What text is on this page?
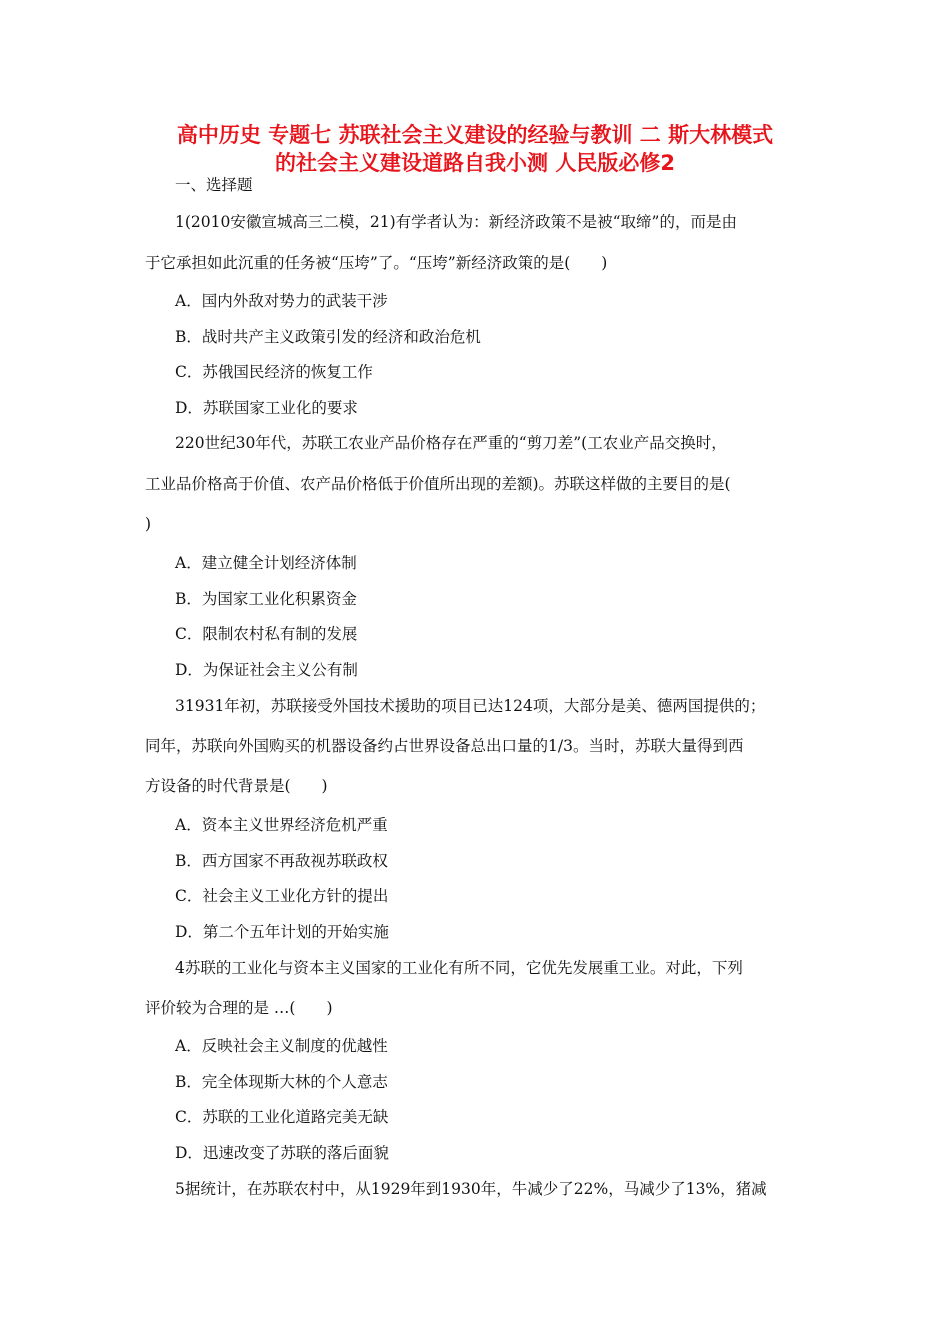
高中历史 专题七 苏联社会主义建设的经验与教训 二 斯大林模式
的社会主义建设道路自我小测 人民版必修2
一、选择题
1(2010安徽宣城高三二模，21)有学者认为：新经济政策不是被“取缔”的，而是由
于它承担如此沉重的任务被“压垮”了。“压垮”新经济政策的是(　　)
A．国内外敌对势力的武装干涉
B．战时共产主义政策引发的经济和政治危机
C．苏俄国民经济的恢复工作
D．苏联国家工业化的要求
220世纪30年代，苏联工农业产品价格存在严重的“剪刀差”(工农业产品交换时，
工业品价格高于价值、农产品价格低于价值所出现的差额)。苏联这样做的主要目的是(
)
A．建立健全计划经济体制
B．为国家工业化积累资金
C．限制农村私有制的发展
D．为保证社会主义公有制
31931年初，苏联接受外国技术援助的项目已达124项，大部分是美、德两国提供的；
同年，苏联向外国购买的机器设备约占世界设备总出口量的1/3。当时，苏联大量得到西
方设备的时代背景是(　　)
A．资本主义世界经济危机严重
B．西方国家不再敌视苏联政权
C．社会主义工业化方针的提出
D．第二个五年计划的开始实施
4苏联的工业化与资本主义国家的工业化有所不同，它优先发展重工业。对此，下列
评价较为合理的是 …(　　)
A．反映社会主义制度的优越性
B．完全体现斯大林的个人意志
C．苏联的工业化道路完美无缺
D．迅速改变了苏联的落后面貌
5据统计，在苏联农村中，从1929年到1930年，牛减少了22%，马减少了13%，猪减
